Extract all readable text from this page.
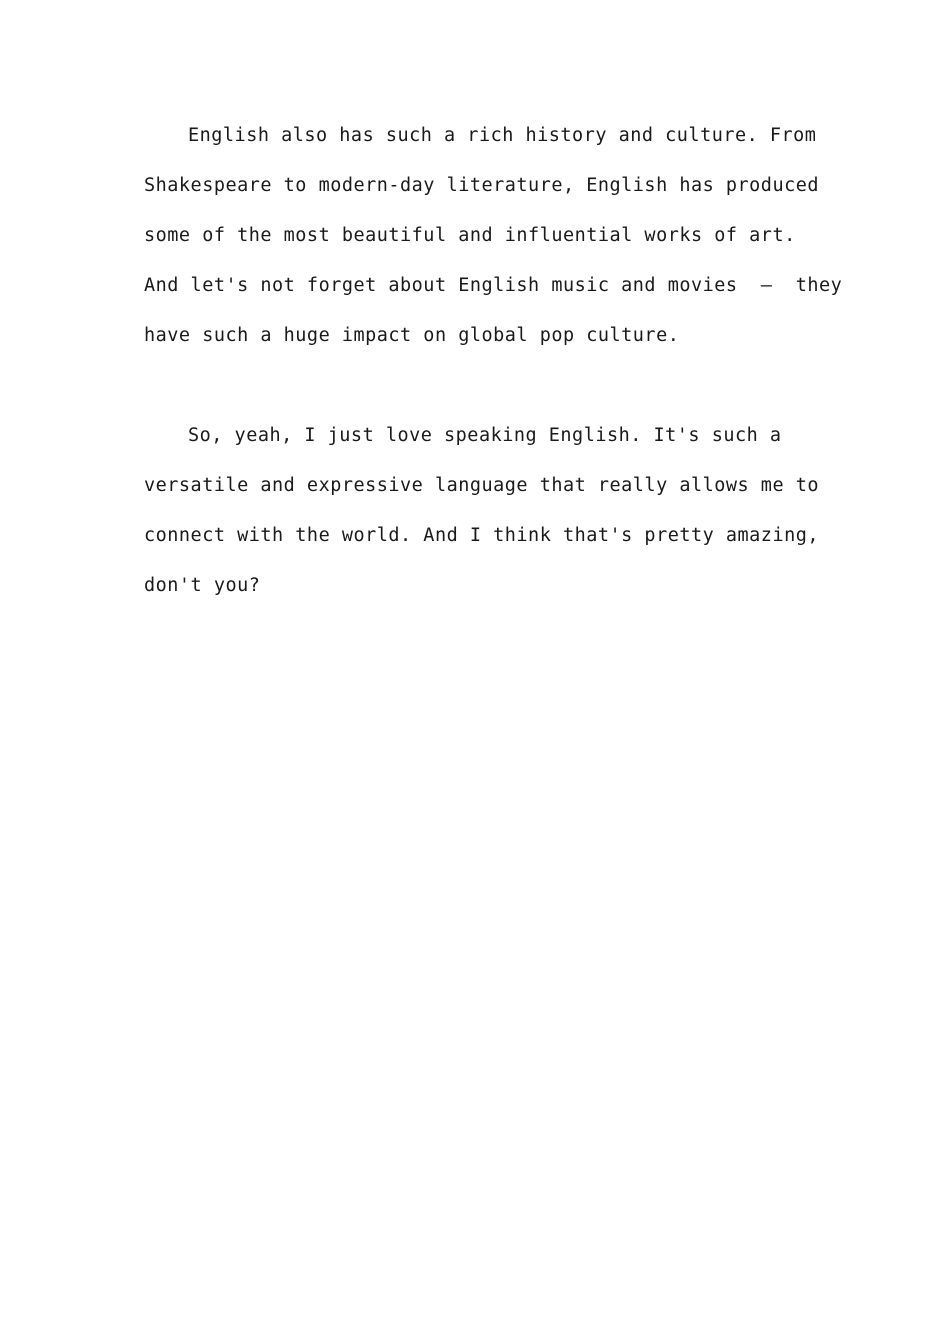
English also has such a rich history and culture. From
Shakespeare to modern-day literature, English has produced
some of the most beautiful and influential works of art.
And let's not forget about English music and movies  –  they
have such a huge impact on global pop culture.
So, yeah, I just love speaking English. It's such a
versatile and expressive language that really allows me to
connect with the world. And I think that's pretty amazing,
don't you?
